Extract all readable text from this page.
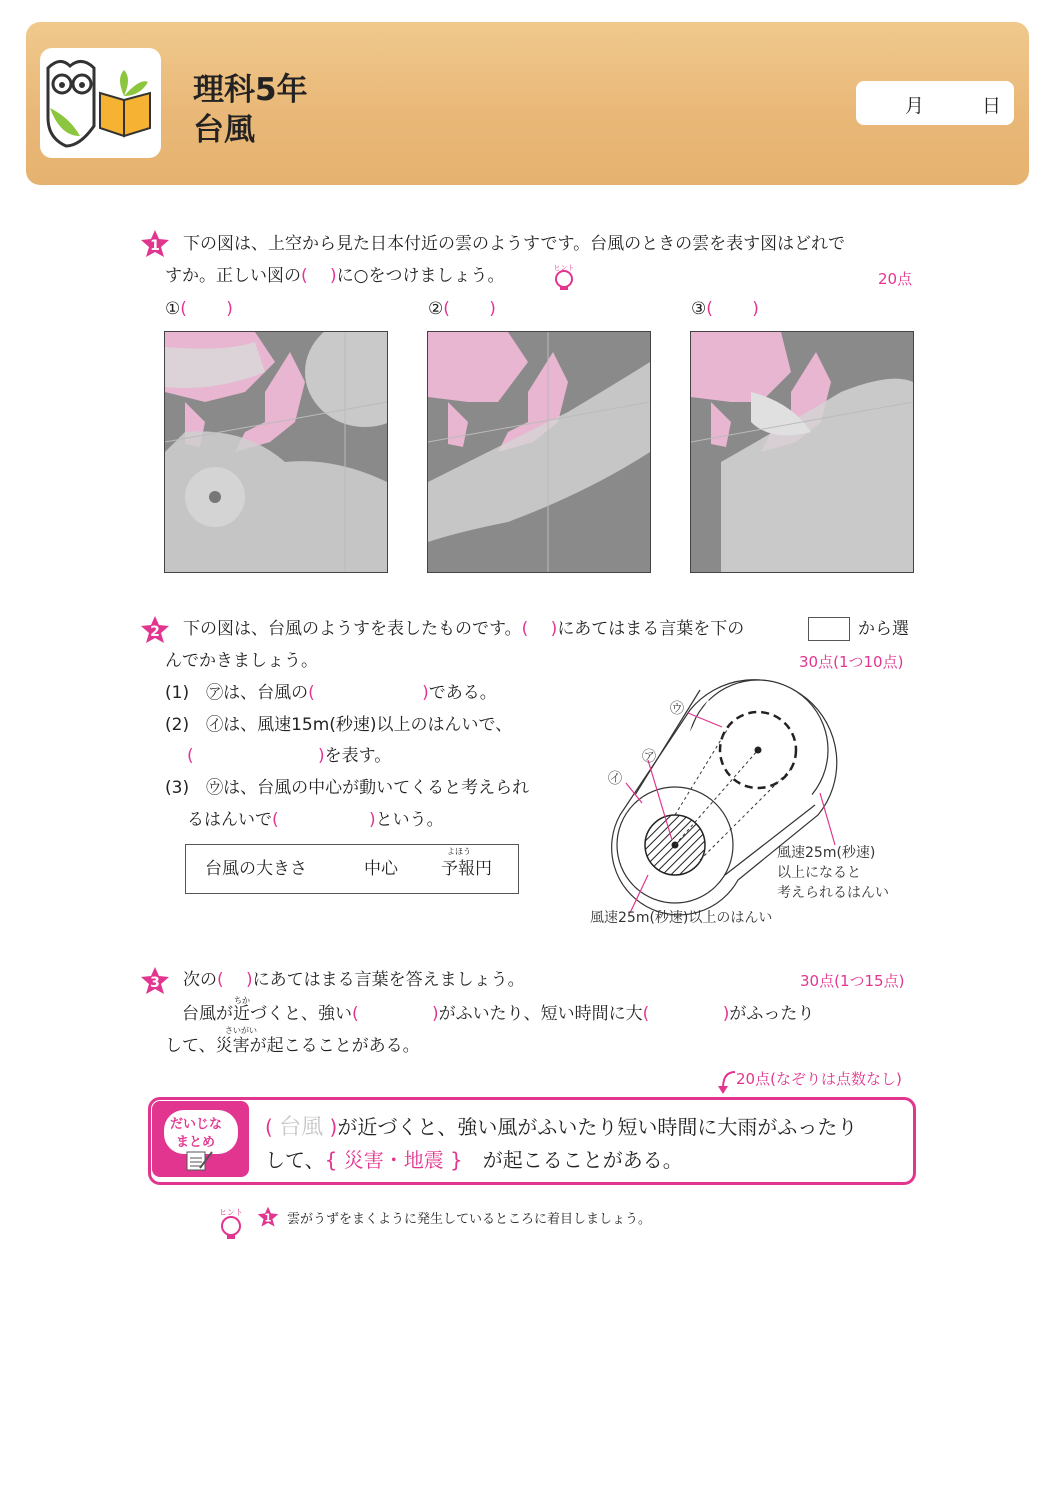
理科5年
台風
月	日
1 下の図は、上空から見た日本付近の雲のようすです。台風のときの雲を表す図はどれで
すか。正しい図の(　 )に○をつけましょう。	ヒント
20点
①(　　 )	②(　　 )	③(　　 )
2 下の図は、台風のようすを表したものです。(　 )にあてはまる言葉を下の	から選
んでかきましょう。	30点(1つ10点)
(1)　 ㋐は、台風の(　　　　　　 )である。
(2)　 ㋑は、風速15m(秒速)以上のはんいで、
(　　　　　　　 )を表す。
(3)　 ㋒は、台風の中心が動いてくると考えられ
るはんいで(　　　　　 )という。
台風の大きさ	中心
よほう
予報円
㋐
㋑
㋒
風速25m(秒速)
以上になると
考えられるはんい
風速25m(秒速)以上のはんい
3 次の(　 )にあてはまる言葉を答えましょう。	30点(1つ15点)
ちか
　台風が近づくと、強い(　　　　 )がふいたり、短い時間に大(　　　　 )がふったり
さいがい
して、災害が起こることがある。
20点(なぞりは点数なし)
だいじな
まとめ
( 台風 )が近づくと、強い風がふいたり短い時間に大雨がふったり
して、{ 災害・地震 }　 が起こることがある。
ヒント 1 雲がうずをまくように発生しているところに着目しましょう。
